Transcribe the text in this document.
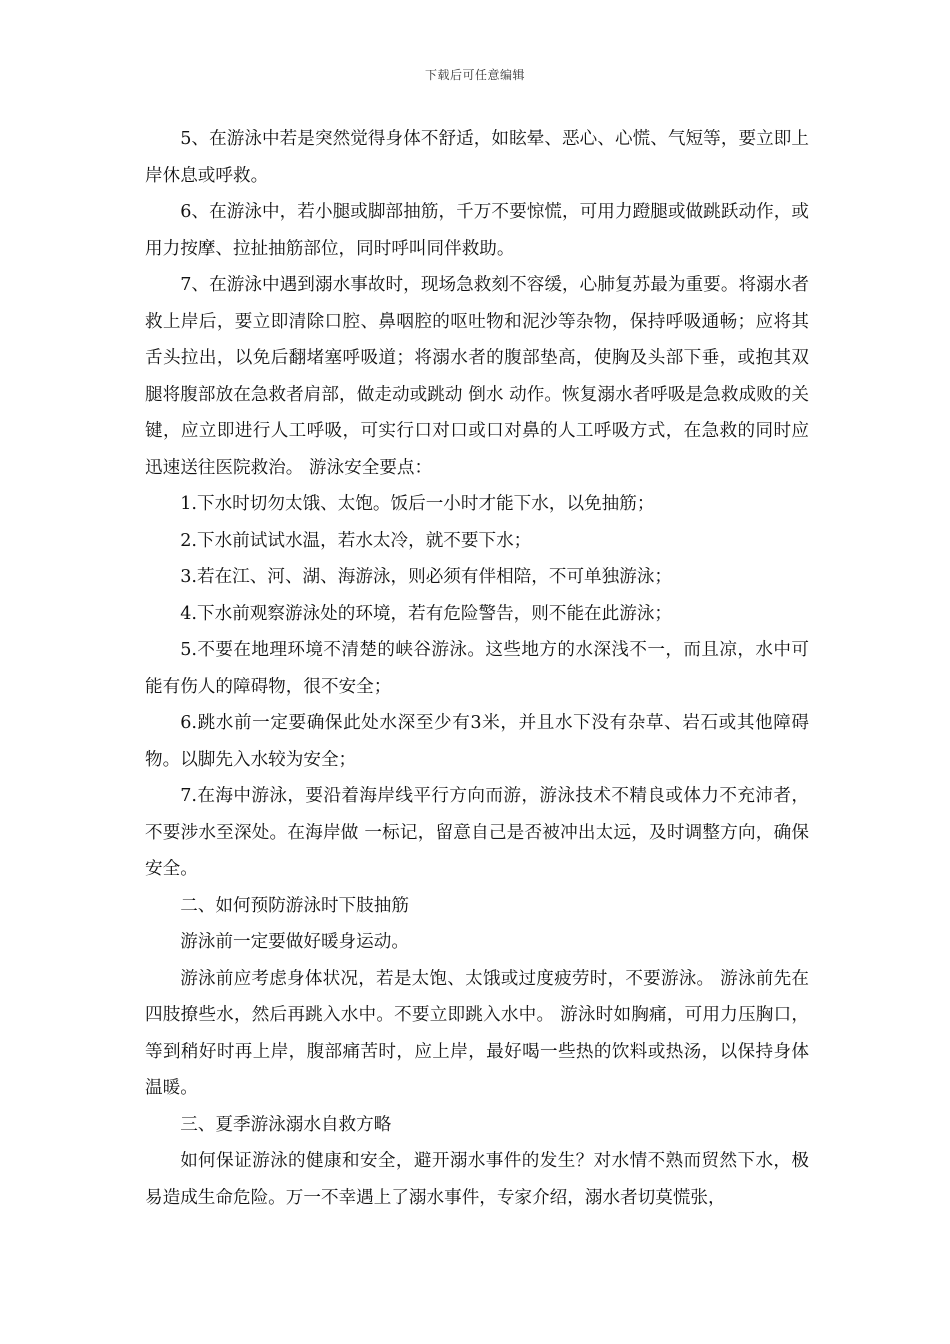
下载后可任意编辑

5、在游泳中若是突然觉得身体不舒适，如眩晕、恶心、心慌、气短等，要立即上岸休息或呼救。

6、在游泳中，若小腿或脚部抽筋，千万不要惊慌，可用力蹬腿或做跳跃动作，或用力按摩、拉扯抽筋部位，同时呼叫同伴救助。

7、在游泳中遇到溺水事故时，现场急救刻不容缓，心肺复苏最为重要。将溺水者救上岸后，要立即清除口腔、鼻咽腔的呕吐物和泥沙等杂物，保持呼吸通畅；应将其舌头拉出，以免后翻堵塞呼吸道；将溺水者的腹部垫高，使胸及头部下垂，或抱其双腿将腹部放在急救者肩部，做走动或跳动 倒水 动作。恢复溺水者呼吸是急救成败的关键，应立即进行人工呼吸，可实行口对口或口对鼻的人工呼吸方式，在急救的同时应迅速送往医院救治。 游泳安全要点：

1.下水时切勿太饿、太饱。饭后一小时才能下水，以免抽筋；

2.下水前试试水温，若水太冷，就不要下水；

3.若在江、河、湖、海游泳，则必须有伴相陪，不可单独游泳；

4.下水前观察游泳处的环境，若有危险警告，则不能在此游泳；

5.不要在地理环境不清楚的峡谷游泳。这些地方的水深浅不一，而且凉，水中可能有伤人的障碍物，很不安全；

6.跳水前一定要确保此处水深至少有3米，并且水下没有杂草、岩石或其他障碍物。以脚先入水较为安全；

7.在海中游泳，要沿着海岸线平行方向而游，游泳技术不精良或体力不充沛者，不要涉水至深处。在海岸做 一标记，留意自己是否被冲出太远，及时调整方向，确保安全。

二、如何预防游泳时下肢抽筋

游泳前一定要做好暖身运动。

游泳前应考虑身体状况，若是太饱、太饿或过度疲劳时，不要游泳。 游泳前先在四肢撩些水，然后再跳入水中。不要立即跳入水中。 游泳时如胸痛，可用力压胸口，等到稍好时再上岸，腹部痛苦时，应上岸，最好喝一些热的饮料或热汤，以保持身体温暖。

三、夏季游泳溺水自救方略

如何保证游泳的健康和安全，避开溺水事件的发生？对水情不熟而贸然下水，极易造成生命危险。万一不幸遇上了溺水事件，专家介绍，溺水者切莫慌张，
